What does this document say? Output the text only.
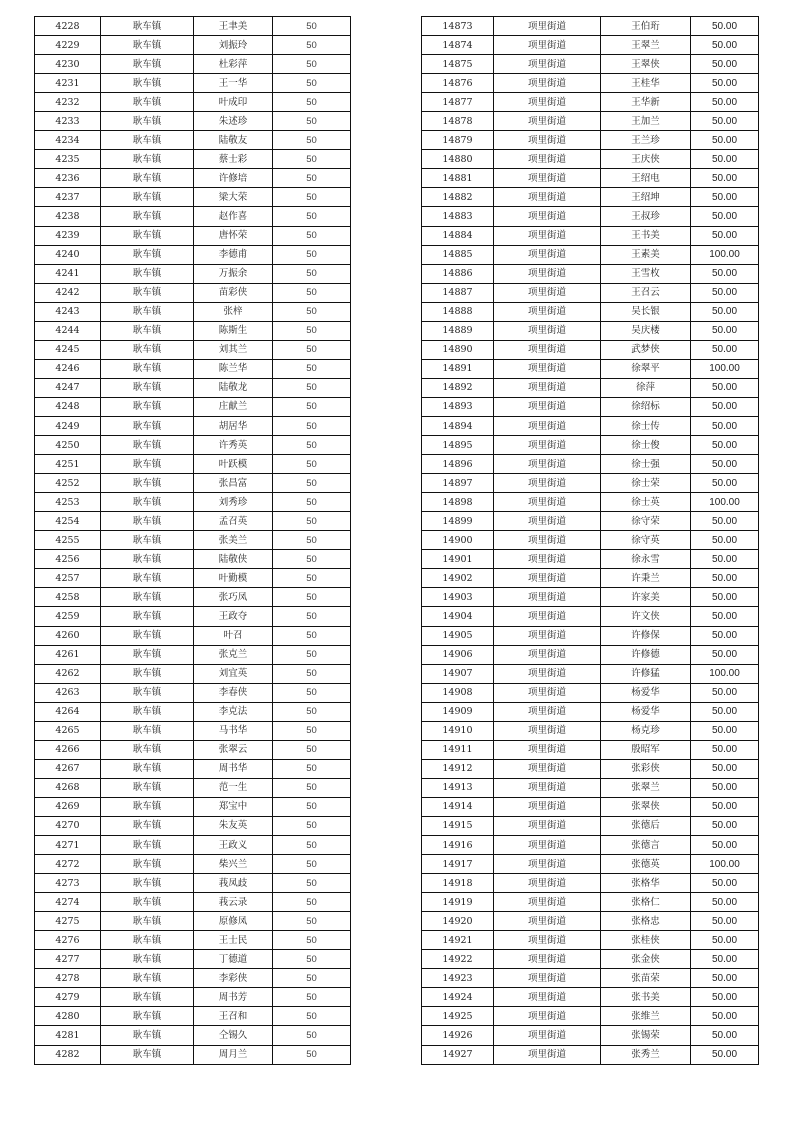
4228	耿车镇	王聿美	50
4229	耿车镇	刘振玲	50
4230	耿车镇	杜彩萍	50
4231	耿车镇	王一华	50
4232	耿车镇	叶成印	50
4233	耿车镇	朱述珍	50
4234	耿车镇	陆敬友	50
4235	耿车镇	蔡士彩	50
4236	耿车镇	许修培	50
4237	耿车镇	梁大荣	50
4238	耿车镇	赵作喜	50
4239	耿车镇	唐怀荣	50
4240	耿车镇	李德甫	50
4241	耿车镇	万振余	50
4242	耿车镇	苗彩侠	50
4243	耿车镇	张梓	50
4244	耿车镇	陈斯生	50
4245	耿车镇	刘其兰	50
4246	耿车镇	陈兰华	50
4247	耿车镇	陆敬龙	50
4248	耿车镇	庄献兰	50
4249	耿车镇	胡居华	50
4250	耿车镇	许秀英	50
4251	耿车镇	叶跃模	50
4252	耿车镇	张昌富	50
4253	耿车镇	刘秀珍	50
4254	耿车镇	孟召英	50
4255	耿车镇	张美兰	50
4256	耿车镇	陆敬侠	50
4257	耿车镇	叶勤模	50
4258	耿车镇	张巧凤	50
4259	耿车镇	王政夺	50
4260	耿车镇	叶召	50
4261	耿车镇	张克兰	50
4262	耿车镇	刘宜英	50
4263	耿车镇	李春侠	50
4264	耿车镇	李克法	50
4265	耿车镇	马书华	50
4266	耿车镇	张翠云	50
4267	耿车镇	周书华	50
4268	耿车镇	范一生	50
4269	耿车镇	郑宝中	50
4270	耿车镇	朱友英	50
4271	耿车镇	王政义	50
4272	耿车镇	柴兴兰	50
4273	耿车镇	莪凤歧	50
4274	耿车镇	莪云录	50
4275	耿车镇	原修凤	50
4276	耿车镇	王士民	50
4277	耿车镇	丁德道	50
4278	耿车镇	李彩侠	50
4279	耿车镇	周书芳	50
4280	耿车镇	王召和	50
4281	耿车镇	仝锡久	50
4282	耿车镇	周月兰	50
14873	项里街道	王伯珩	50.00
14874	项里街道	王翠兰	50.00
14875	项里街道	王翠侠	50.00
14876	项里街道	王桂华	50.00
14877	项里街道	王华新	50.00
14878	项里街道	王加兰	50.00
14879	项里街道	王兰珍	50.00
14880	项里街道	王庆侠	50.00
14881	项里街道	王绍电	50.00
14882	项里街道	王绍坤	50.00
14883	项里街道	王叔珍	50.00
14884	项里街道	王书美	50.00
14885	项里街道	王素美	100.00
14886	项里街道	王雪枚	50.00
14887	项里街道	王召云	50.00
14888	项里街道	吴长银	50.00
14889	项里街道	吴庆楼	50.00
14890	项里街道	武梦侠	50.00
14891	项里街道	徐翠平	100.00
14892	项里街道	徐萍	50.00
14893	项里街道	徐绍标	50.00
14894	项里街道	徐士传	50.00
14895	项里街道	徐士俊	50.00
14896	项里街道	徐士强	50.00
14897	项里街道	徐士荣	50.00
14898	项里街道	徐士英	100.00
14899	项里街道	徐守荣	50.00
14900	项里街道	徐守英	50.00
14901	项里街道	徐永雪	50.00
14902	项里街道	许秉兰	50.00
14903	项里街道	许家美	50.00
14904	项里街道	许文侠	50.00
14905	项里街道	许修保	50.00
14906	项里街道	许修德	50.00
14907	项里街道	许修猛	100.00
14908	项里街道	杨爱华	50.00
14909	项里街道	杨爱华	50.00
14910	项里街道	杨克珍	50.00
14911	项里街道	殷昭军	50.00
14912	项里街道	张彩侠	50.00
14913	项里街道	张翠兰	50.00
14914	项里街道	张翠侠	50.00
14915	项里街道	张德后	50.00
14916	项里街道	张德言	50.00
14917	项里街道	张德英	100.00
14918	项里街道	张格华	50.00
14919	项里街道	张格仁	50.00
14920	项里街道	张格忠	50.00
14921	项里街道	张桂侠	50.00
14922	项里街道	张金侠	50.00
14923	项里街道	张苗荣	50.00
14924	项里街道	张书美	50.00
14925	项里街道	张维兰	50.00
14926	项里街道	张锡荣	50.00
14927	项里街道	张秀兰	50.00
